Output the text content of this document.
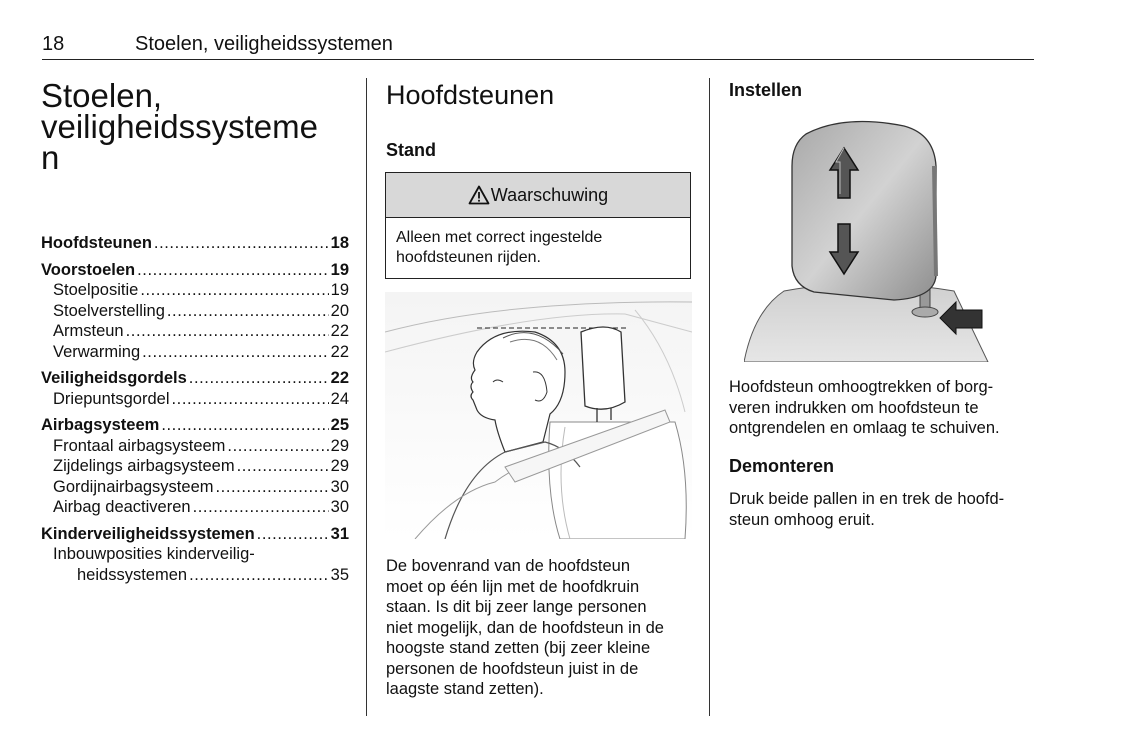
18	Stoelen, veiligheidssystemen
Stoelen,
veiligheidssysteme
n
Hoofdsteunen . . .	18
Voorstoelen . . .	19
Stoelpositie . . .	19
Stoelverstelling . . .	20
Armsteun . . .	22
Verwarming . . .	22
Veiligheidsgordels . . .	22
Driepuntsgordel . . .	24
Airbagsysteem . . .	25
Frontaal airbagsysteem . . .	29
Zijdelings airbagsysteem . . .	29
Gordijnairbagsysteem . . .	30
Airbag deactiveren . . .	30
Kinderveiligheidssystemen . . .	31
Inbouwposities kinderveilig-
heidssystemen . . .	35
Hoofdsteunen
Stand
Waarschuwing
Alleen met correct ingestelde
hoofdsteunen rijden.
De bovenrand van de hoofdsteun
moet op één lijn met de hoofdkruin
staan. Is dit bij zeer lange personen
niet mogelijk, dan de hoofdsteun in de
hoogste stand zetten (bij zeer kleine
personen de hoofdsteun juist in de
laagste stand zetten).
Instellen
Hoofdsteun omhoogtrekken of borg-
veren indrukken om hoofdsteun te
ontgrendelen en omlaag te schuiven.
Demonteren
Druk beide pallen in en trek de hoofd-
steun omhoog eruit.
